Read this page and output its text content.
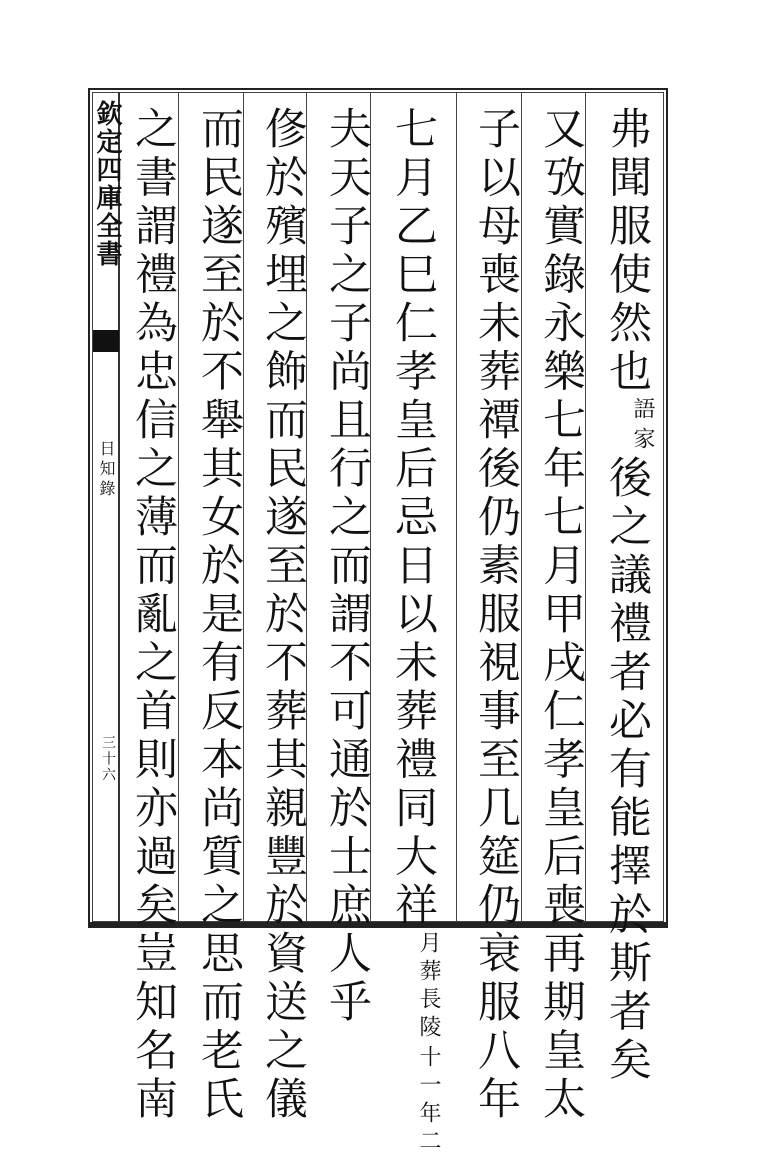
欽定四庫全書
日知錄
三十六
弗聞服使然也
家
語
後之議禮者必有能擇於斯者矣
又攷實錄永樂七年七月甲戌仁孝皇后喪再期皇太
子以母喪未葬禫後仍素服視事至几筵仍衰服八年
七月乙巳仁孝皇后忌日以未葬禮同大祥
十一年二
月葬長陵
夫天子之子尚且行之而謂不可通於士庶人乎
俢於殯埋之飾而民遂至於不葬其親豐於資送之儀
而民遂至於不舉其女於是有反本尚質之思而老氏
之書謂禮為忠信之薄而亂之首則亦過矣豈知名南
